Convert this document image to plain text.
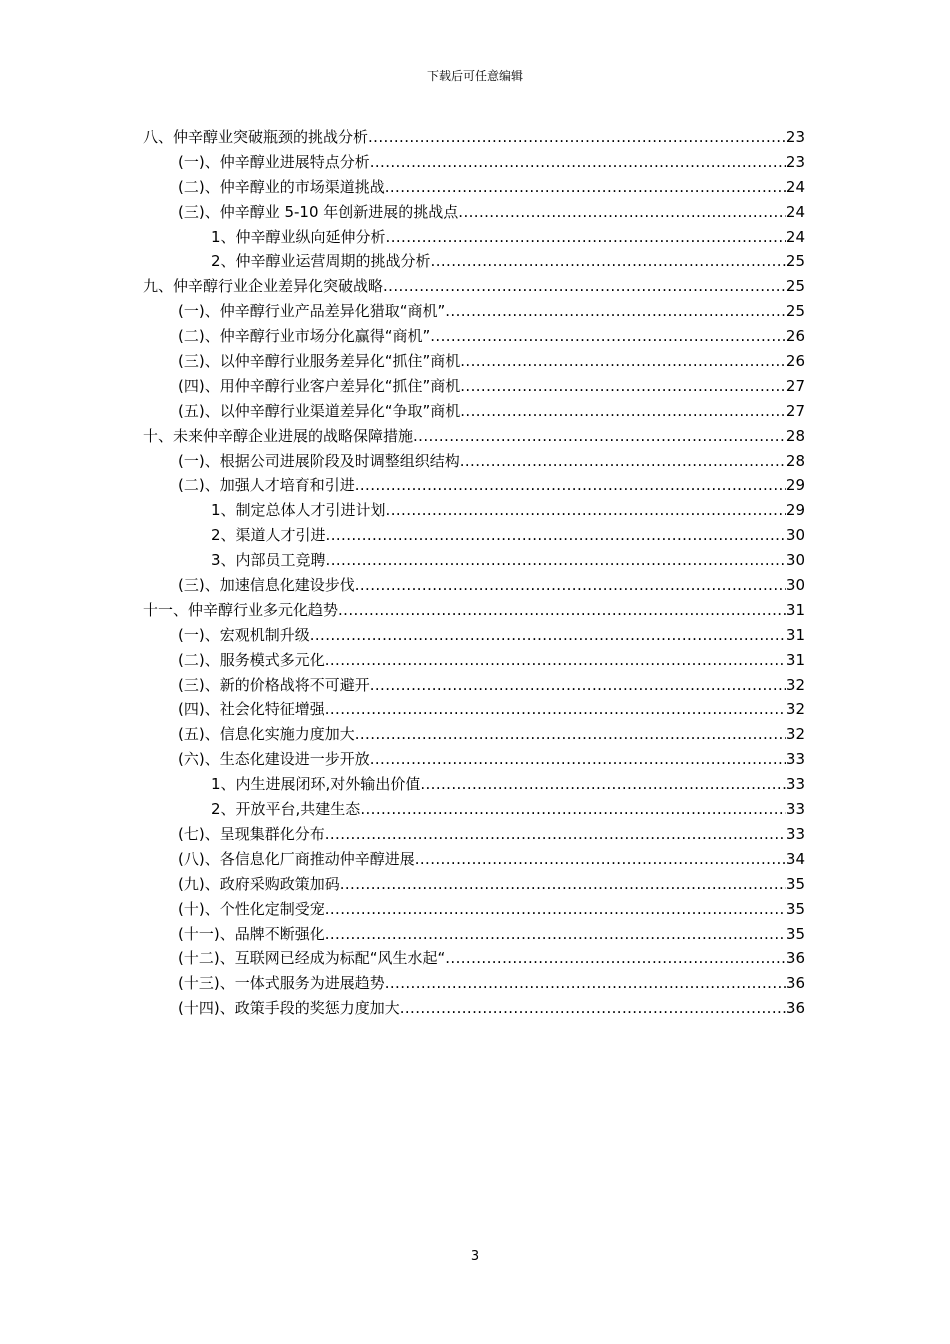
下载后可任意编辑
八、仲辛醇业突破瓶颈的挑战分析 .....	23
(一)、仲辛醇业进展特点分析 .....	23
(二)、仲辛醇业的市场渠道挑战 .....	24
(三)、仲辛醇业 5-10 年创新进展的挑战点 .....	24
1、仲辛醇业纵向延伸分析 .....	24
2、仲辛醇业运营周期的挑战分析 .....	25
九、仲辛醇行业企业差异化突破战略 .....	25
(一)、仲辛醇行业产品差异化猎取“商机” .....	25
(二)、仲辛醇行业市场分化赢得“商机” .....	26
(三)、以仲辛醇行业服务差异化“抓住”商机 .....	26
(四)、用仲辛醇行业客户差异化“抓住”商机 .....	27
(五)、以仲辛醇行业渠道差异化“争取”商机 .....	27
十、未来仲辛醇企业进展的战略保障措施 .....	28
(一)、根据公司进展阶段及时调整组织结构 .....	28
(二)、加强人才培育和引进 .....	29
1、制定总体人才引进计划 .....	29
2、渠道人才引进 .....	30
3、内部员工竞聘 .....	30
(三)、加速信息化建设步伐 .....	30
十一、仲辛醇行业多元化趋势 .....	31
(一)、宏观机制升级 .....	31
(二)、服务模式多元化 .....	31
(三)、新的价格战将不可避开 .....	32
(四)、社会化特征增强 .....	32
(五)、信息化实施力度加大 .....	32
(六)、生态化建设进一步开放 .....	33
1、内生进展闭环,对外输出价值 .....	33
2、开放平台,共建生态 .....	33
(七)、呈现集群化分布 .....	33
(八)、各信息化厂商推动仲辛醇进展 .....	34
(九)、政府采购政策加码 .....	35
(十)、个性化定制受宠 .....	35
(十一)、品牌不断强化 .....	35
(十二)、互联网已经成为标配“风生水起“ .....	36
(十三)、一体式服务为进展趋势 .....	36
(十四)、政策手段的奖惩力度加大 .....	36
3
